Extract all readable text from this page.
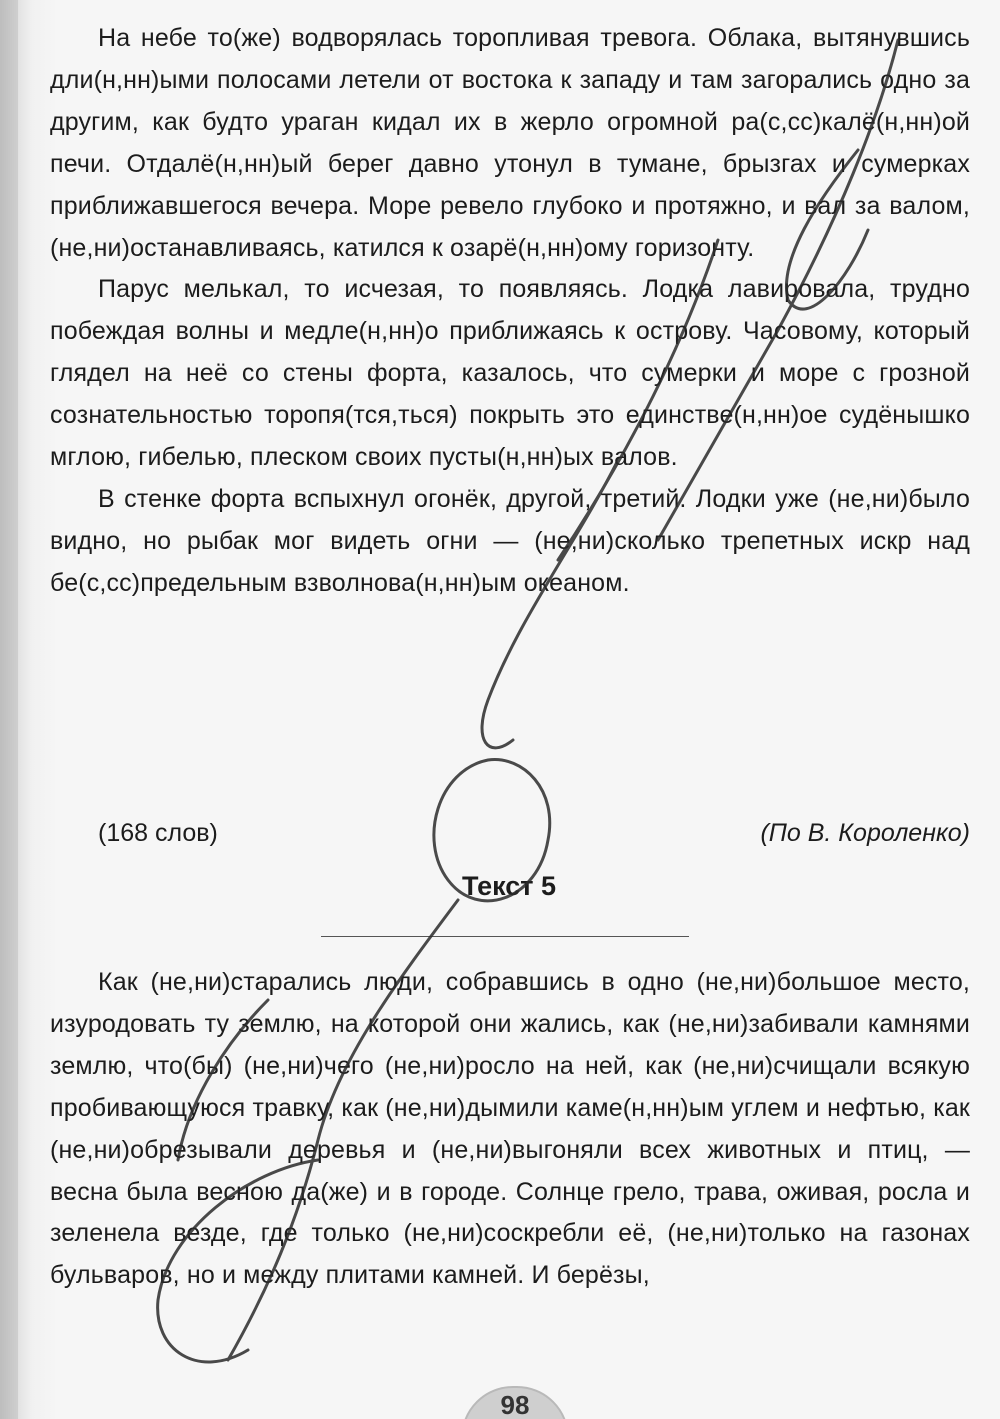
На небе то(же) водворялась торопливая тревога. Облака, вытянувшись дли(н,нн)ыми полосами летели от востока к западу и там загорались одно за другим, как будто ураган кидал их в жерло огромной ра(с,сс)калё(н,нн)ой печи. Отдалё(н,нн)ый берег давно утонул в тумане, брызгах и сумерках приближавшегося вечера. Море ревело глубоко и протяжно, и вал за валом, (не,ни)останавливаясь, катился к озарё(н,нн)ому горизонту.

Парус мелькал, то исчезая, то появляясь. Лодка лавировала, трудно побеждая волны и медле(н,нн)о приближаясь к острову. Часовому, который глядел на неё со стены форта, казалось, что сумерки и море с грозной сознательностью торопя(тся,ться) покрыть это единстве(н,нн)ое судёнышко мглою, гибелью, плеском своих пусты(н,нн)ых валов.

В стенке форта вспыхнул огонёк, другой, третий. Лодки уже (не,ни)было видно, но рыбак мог видеть огни — (не,ни)сколько трепетных искр над бе(с,сс)предельным взволнова(н,нн)ым океаном.

(168 слов)	(По В. Короленко)
Текст 5

Как (не,ни)старались люди, собравшись в одно (не,ни)большое место, изуродовать ту землю, на которой они жались, как (не,ни)забивали камнями землю, что(бы) (не,ни)чего (не,ни)росло на ней, как (не,ни)счищали всякую пробивающуюся травку, как (не,ни)дымили каме(н,нн)ым углем и нефтью, как (не,ни)обрезывали деревья и (не,ни)выгоняли всех животных и птиц, — весна была весною да(же) и в городе. Солнце грело, трава, оживая, росла и зеленела везде, где только (не,ни)соскребли её, (не,ни)только на газонах бульваров, но и между плитами камней. И берёзы,

98
